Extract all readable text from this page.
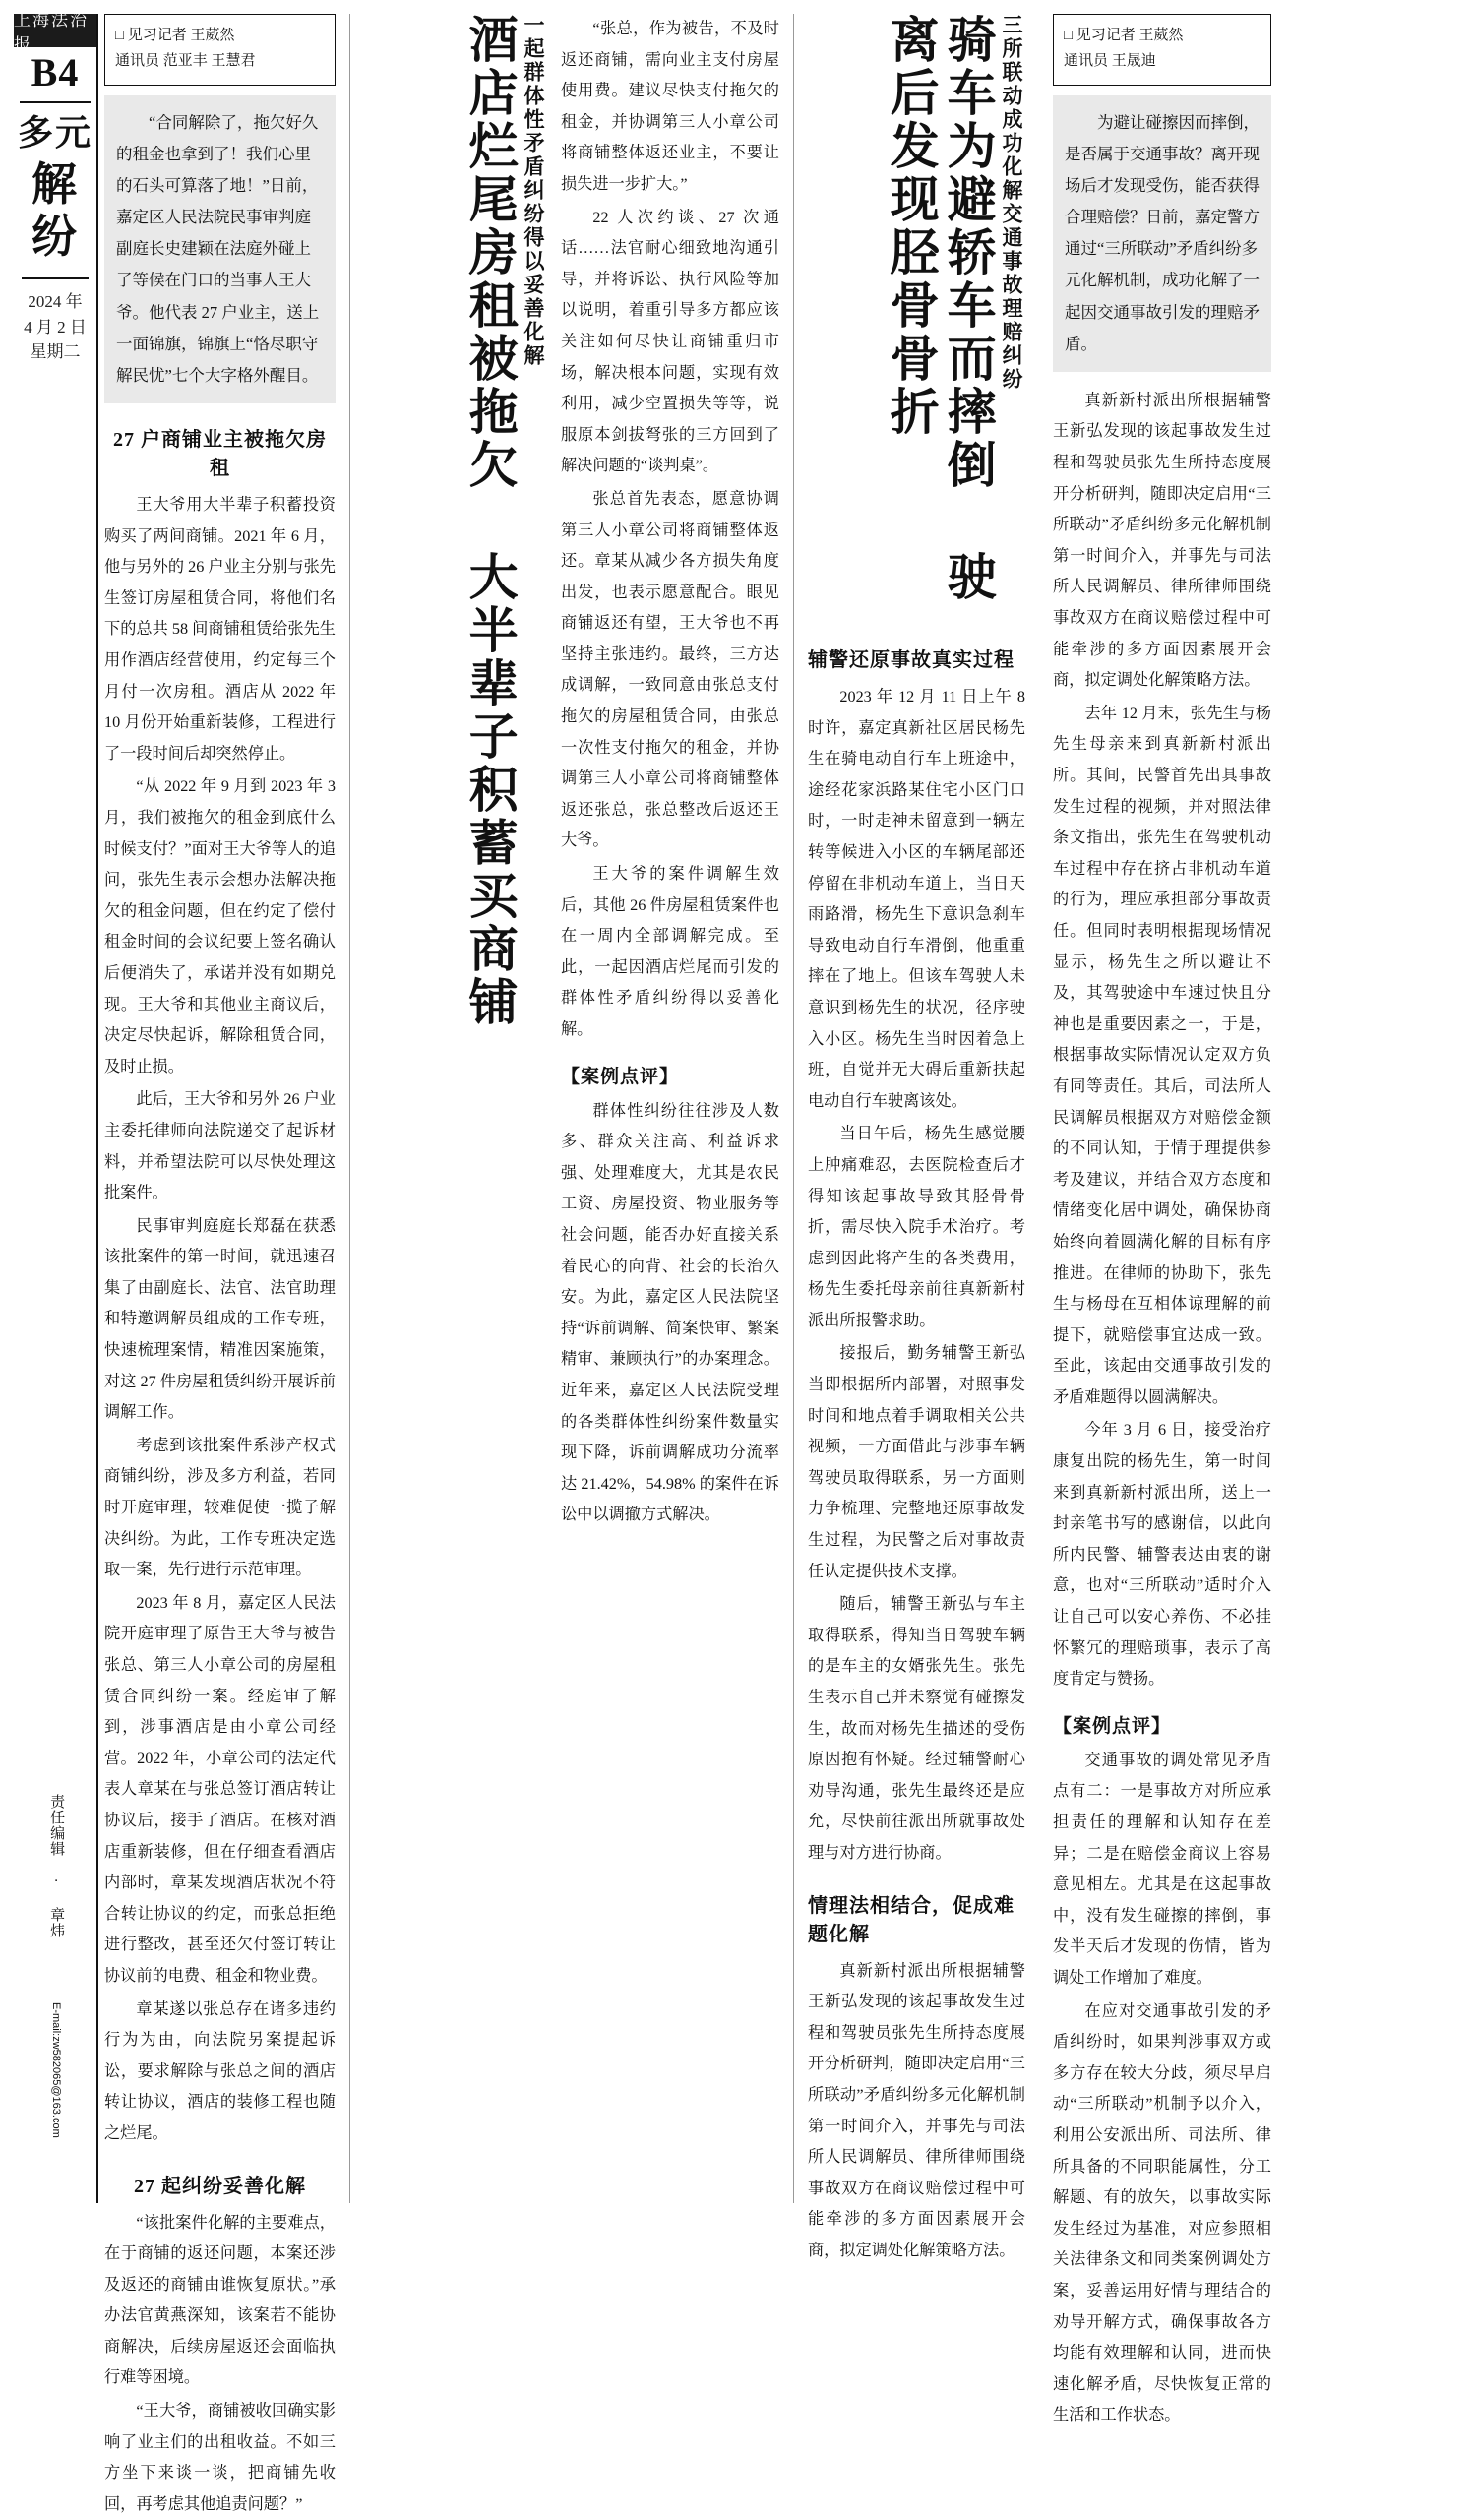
上海法治报
B4
多元
解纷
2024 年
4 月 2 日
星期二
责任编辑 · 章炜
E-mail:zw582065@163.com
□ 见习记者 王葳然
通讯员 范亚丰 王慧君
“合同解除了，拖欠好久的租金也拿到了！我们心里的石头可算落了地！”日前，嘉定区人民法院民事审判庭副庭长史建颖在法庭外碰上了等候在门口的当事人王大爷。他代表 27 户业主，送上一面锦旗，锦旗上“恪尽职守解民忧”七个大字格外醒目。
27 户商铺业主被拖欠房租

王大爷用大半辈子积蓄投资购买了两间商铺。2021 年 6 月，他与另外的 26 户业主分别与张先生签订房屋租赁合同，将他们名下的总共 58 间商铺租赁给张先生用作酒店经营使用，约定每三个月付一次房租。酒店从 2022 年 10 月份开始重新装修，工程进行了一段时间后却突然停止。

“从 2022 年 9 月到 2023 年 3 月，我们被拖欠的租金到底什么时候支付？”面对王大爷等人的追问，张先生表示会想办法解决拖欠的租金问题，但在约定了偿付租金时间的会议纪要上签名确认后便消失了，承诺并没有如期兑现。王大爷和其他业主商议后，决定尽快起诉，解除租赁合同，及时止损。

此后，王大爷和另外 26 户业主委托律师向法院递交了起诉材料，并希望法院可以尽快处理这批案件。

民事审判庭庭长郑磊在获悉该批案件的第一时间，就迅速召集了由副庭长、法官、法官助理和特邀调解员组成的工作专班，快速梳理案情，精准因案施策，对这 27 件房屋租赁纠纷开展诉前调解工作。

考虑到该批案件系涉产权式商铺纠纷，涉及多方利益，若同时开庭审理，较难促使一揽子解决纠纷。为此，工作专班决定选取一案，先行进行示范审理。

2023 年 8 月，嘉定区人民法院开庭审理了原告王大爷与被告张总、第三人小章公司的房屋租赁合同纠纷一案。经庭审了解到，涉事酒店是由小章公司经营。2022 年，小章公司的法定代表人章某在与张总签订酒店转让协议后，接手了酒店。在核对酒店重新装修，但在仔细查看酒店内部时，章某发现酒店状况不符合转让协议的约定，而张总拒绝进行整改，甚至还欠付签订转让协议前的电费、租金和物业费。

章某遂以张总存在诸多违约行为为由，向法院另案提起诉讼，要求解除与张总之间的酒店转让协议，酒店的装修工程也随之烂尾。

27 起纠纷妥善化解

“该批案件化解的主要难点，在于商铺的返还问题，本案还涉及返还的商铺由谁恢复原状。”承办法官黄燕深知，该案若不能协商解决，后续房屋返还会面临执行难等困境。

“王大爷，商铺被收回确实影响了业主们的出租收益。不如三方坐下来谈一谈，把商铺先收回，再考虑其他追责问题？”

酒店烂尾房租被拖欠 大半辈子积蓄买商铺 一起群体性矛盾纠纷得以妥善化解	“张总，作为被告，不及时返还商铺，需向业主支付房屋使用费。建议尽快支付拖欠的租金，并协调第三人小章公司将商铺整体返还业主，不要让损失进一步扩大。”

22 人次约谈、27 次通话……法官耐心细致地沟通引导，并将诉讼、执行风险等加以说明，着重引导多方都应该关注如何尽快让商铺重归市场，解决根本问题，实现有效利用，减少空置损失等等，说服原本剑拔弩张的三方回到了解决问题的“谈判桌”。

张总首先表态，愿意协调第三人小章公司将商铺整体返还。章某从减少各方损失角度出发，也表示愿意配合。眼见商铺返还有望，王大爷也不再坚持主张违约。最终，三方达成调解，一致同意由张总支付拖欠的房屋租赁合同，由张总一次性支付拖欠的租金，并协调第三人小章公司将商铺整体返还张总，张总整改后返还王大爷。

王大爷的案件调解生效后，其他 26 件房屋租赁案件也在一周内全部调解完成。至此，一起因酒店烂尾而引发的群体性矛盾纠纷得以妥善化解。

【案例点评】

群体性纠纷往往涉及人数多、群众关注高、利益诉求强、处理难度大，尤其是农民工资、房屋投资、物业服务等社会问题，能否办好直接关系着民心的向背、社会的长治久安。为此，嘉定区人民法院坚持“诉前调解、简案快审、繁案精审、兼顾执行”的办案理念。近年来，嘉定区人民法院受理的各类群体性纠纷案件数量实现下降，诉前调解成功分流率达 21.42%，54.98% 的案件在诉讼中以调撤方式解决。

骑车为避轿车而摔倒 驶离后发现胫骨骨折	三所联动成功化解交通事故理赔纠纷
辅警还原事故真实过程

2023 年 12 月 11 日上午 8 时许，嘉定真新社区居民杨先生在骑电动自行车上班途中，途经花家浜路某住宅小区门口时，一时走神未留意到一辆左转等候进入小区的车辆尾部还停留在非机动车道上，当日天雨路滑，杨先生下意识急刹车导致电动自行车滑倒，他重重摔在了地上。但该车驾驶人未意识到杨先生的状况，径序驶入小区。杨先生当时因着急上班，自觉并无大碍后重新扶起电动自行车驶离该处。

当日午后，杨先生感觉腰上肿痛难忍，去医院检查后才得知该起事故导致其胫骨骨折，需尽快入院手术治疗。考虑到因此将产生的各类费用，杨先生委托母亲前往真新新村派出所报警求助。

接报后，勤务辅警王新弘当即根据所内部署，对照事发时间和地点着手调取相关公共视频，一方面借此与涉事车辆驾驶员取得联系，另一方面则力争梳理、完整地还原事故发生过程，为民警之后对事故责任认定提供技术支撑。

随后，辅警王新弘与车主取得联系，得知当日驾驶车辆的是车主的女婿张先生。张先生表示自己并未察觉有碰擦发生，故而对杨先生描述的受伤原因抱有怀疑。经过辅警耐心劝导沟通，张先生最终还是应允，尽快前往派出所就事故处理与对方进行协商。

情理法相结合，促成难题化解

真新新村派出所根据辅警王新弘发现的该起事故发生过程和驾驶员张先生所持态度展开分析研判，随即决定启用“三所联动”矛盾纠纷多元化解机制第一时间介入，并事先与司法所人民调解员、律所律师围绕事故双方在商议赔偿过程中可能牵涉的多方面因素展开会商，拟定调处化解策略方法。

□ 见习记者 王葳然
通讯员 王晟迪
为避让碰擦因而摔倒，是否属于交通事故？离开现场后才发现受伤，能否获得合理赔偿？日前，嘉定警方通过“三所联动”矛盾纠纷多元化解机制，成功化解了一起因交通事故引发的理赔矛盾。

真新新村派出所根据辅警王新弘发现的该起事故发生过程和驾驶员张先生所持态度展开分析研判，随即决定启用“三所联动”矛盾纠纷多元化解机制第一时间介入，并事先与司法所人民调解员、律所律师围绕事故双方在商议赔偿过程中可能牵涉的多方面因素展开会商，拟定调处化解策略方法。

去年 12 月末，张先生与杨先生母亲来到真新新村派出所。其间，民警首先出具事故发生过程的视频，并对照法律条文指出，张先生在驾驶机动车过程中存在挤占非机动车道的行为，理应承担部分事故责任。但同时表明根据现场情况显示，杨先生之所以避让不及，其驾驶途中车速过快且分神也是重要因素之一，于是，根据事故实际情况认定双方负有同等责任。其后，司法所人民调解员根据双方对赔偿金额的不同认知，于情于理提供参考及建议，并结合双方态度和情绪变化居中调处，确保协商始终向着圆满化解的目标有序推进。在律师的协助下，张先生与杨母在互相体谅理解的前提下，就赔偿事宜达成一致。至此，该起由交通事故引发的矛盾难题得以圆满解决。

今年 3 月 6 日，接受治疗康复出院的杨先生，第一时间来到真新新村派出所，送上一封亲笔书写的感谢信，以此向所内民警、辅警表达由衷的谢意，也对“三所联动”适时介入让自己可以安心养伤、不必挂怀繁冗的理赔琐事，表示了高度肯定与赞扬。

【案例点评】

交通事故的调处常见矛盾点有二：一是事故方对所应承担责任的理解和认知存在差异；二是在赔偿金商议上容易意见相左。尤其是在这起事故中，没有发生碰擦的摔倒，事发半天后才发现的伤情，皆为调处工作增加了难度。

在应对交通事故引发的矛盾纠纷时，如果判涉事双方或多方存在较大分歧，须尽早启动“三所联动”机制予以介入，利用公安派出所、司法所、律所具备的不同职能属性，分工解题、有的放矢，以事故实际发生经过为基准，对应参照相关法律条文和同类案例调处方案，妥善运用好情与理结合的劝导开解方式，确保事故各方均能有效理解和认同，进而快速化解矛盾，尽快恢复正常的生活和工作状态。
